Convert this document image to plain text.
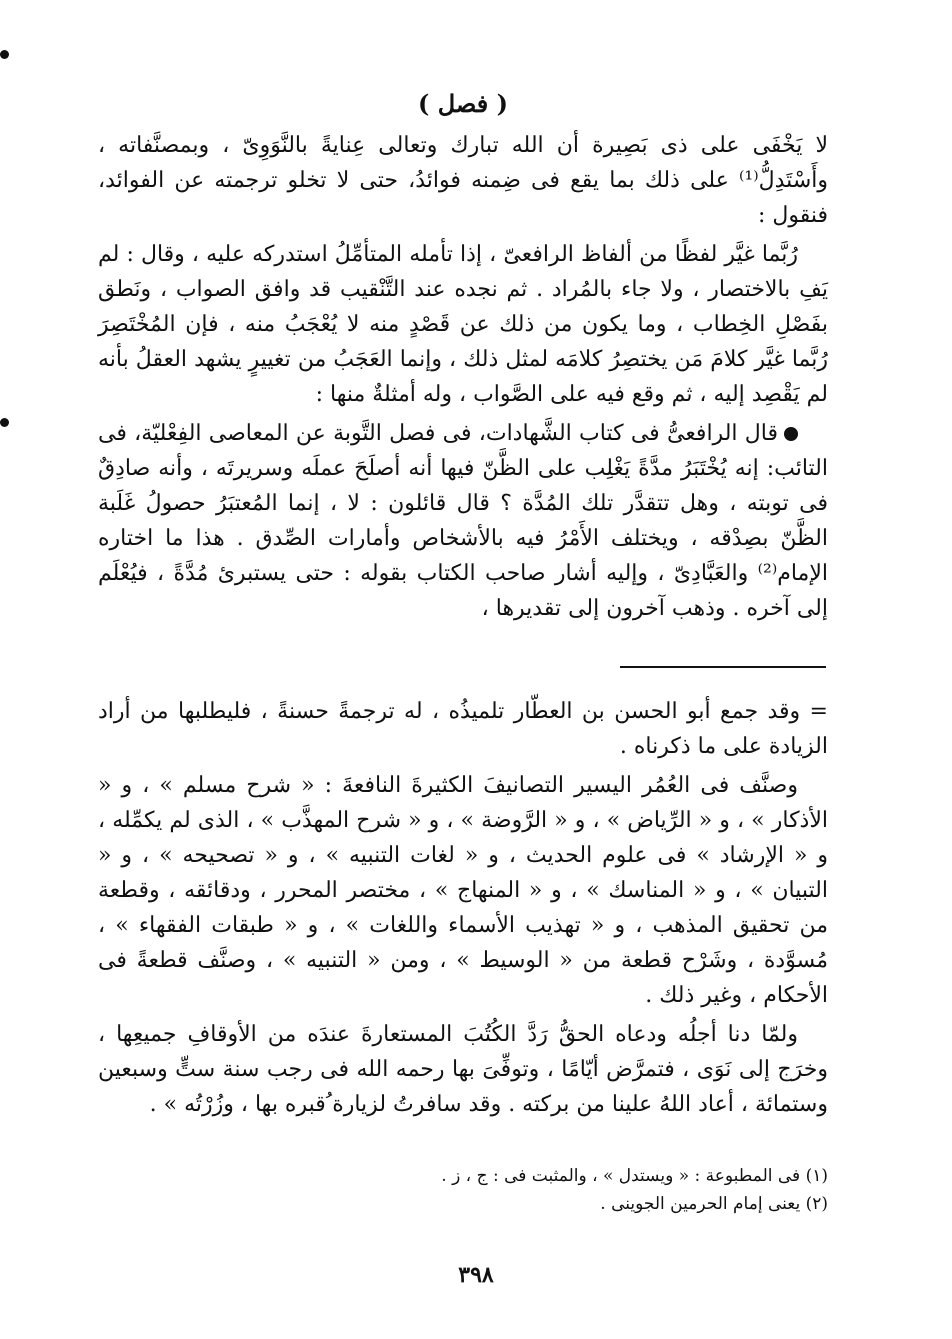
( فصل )

لا يَخْفَى على ذى بَصِيرة أن الله تبارك وتعالى عِنايةً بالنَّوَوِىّ ، وبمصنَّفاته ، وأَسْتَدِلُّ⁽¹⁾ على ذلك بما يقع فى ضِمنه فوائدُ، حتى لا تخلو ترجمته عن الفوائد، فنقول :

رُبَّما غيَّر لفظًا من ألفاظ الرافعىّ ، إذا تأمله المتأمِّلُ استدركه عليه ، وقال : لم يَفِ بالاختصار ، ولا جاء بالمُراد . ثم نجده عند التَّنْقيب قد وافق الصواب ، ونَطق بفَصْلِ الخِطاب ، وما يكون من ذلك عن قَصْدٍ منه لا يُعْجَبُ منه ، فإن المُخْتَصِرَ رُبَّما غيَّر كلامَ مَن يختصِرُ كلامَه لمثل ذلك ، وإنما العَجَبُ من تغييرٍ يشهد العقلُ بأنه لم يَقْصِد إليه ، ثم وقع فيه على الصَّواب ، وله أمثلةٌ منها :

قال الرافعىُّ فى كتاب الشَّهادات، فى فصل التَّوبة عن المعاصى الفِعْليّة، فى التائب: إنه يُخْتَبَرُ مدَّةً يَغْلِب على الظَّنّ فيها أنه أصلَحَ عملَه وسريرتَه ، وأنه صادِقٌ فى توبته ، وهل تتقدَّر تلك المُدَّة ؟ قال قائلون : لا ، إنما المُعتبَرُ حصولُ غَلَبة الظَّنّ بصِدْقه ، ويختلف الأَمْرُ فيه بالأشخاص وأمارات الصِّدق . هذا ما اختاره الإمام⁽²⁾ والعَبَّادِىّ ، وإليه أشار صاحب الكتاب بقوله : حتى يستبرئ مُدَّةً ، فيُعْلَم إلى آخره . وذهب آخرون إلى تقديرها ،

= وقد جمع أبو الحسن بن العطّار تلميذُه ، له ترجمةً حسنةً ، فليطلبها من أراد الزيادة على ما ذكرناه .

وصنَّف فى العُمُر اليسير التصانيفَ الكثيرةَ النافعةَ : « شرح مسلم » ، و « الأذكار » ، و « الرِّياض » ، و « الرَّوضة » ، و « شرح المهذَّب » ، الذى لم يكمِّله ، و « الإرشاد » فى علوم الحديث ، و « لغات التنبيه » ، و « تصحيحه » ، و « التبيان » ، و « المناسك » ، و « المنهاج » ، مختصر المحرر ، ودقائقه ، وقطعة من تحقيق المذهب ، و « تهذيب الأسماء واللغات » ، و « طبقات الفقهاء » ، مُسوَّدة ، وشَرْح قطعة من « الوسيط » ، ومن « التنبيه » ، وصنَّف قطعةً فى الأحكام ، وغير ذلك .

ولمّا دنا أجلُه ودعاه الحقُّ رَدَّ الكُتُبَ المستعارةَ عندَه من الأوقافِ جميعِها ، وخرَج إلى نَوَى ، فتمرَّض أيّامًا ، وتوفِّىَ بها رحمه الله فى رجب سنة ستٍّ وسبعين وستمائة ، أعاد اللهُ علينا من بركته . وقد سافرتُ لزيارة ُقبره بها ، وزُرْتُه » .

(١) فى المطبوعة : « ويستدل » ، والمثبت فى : ج ، ز .
(٢) يعنى إمام الحرمين الجوينى .
٣٩٨
